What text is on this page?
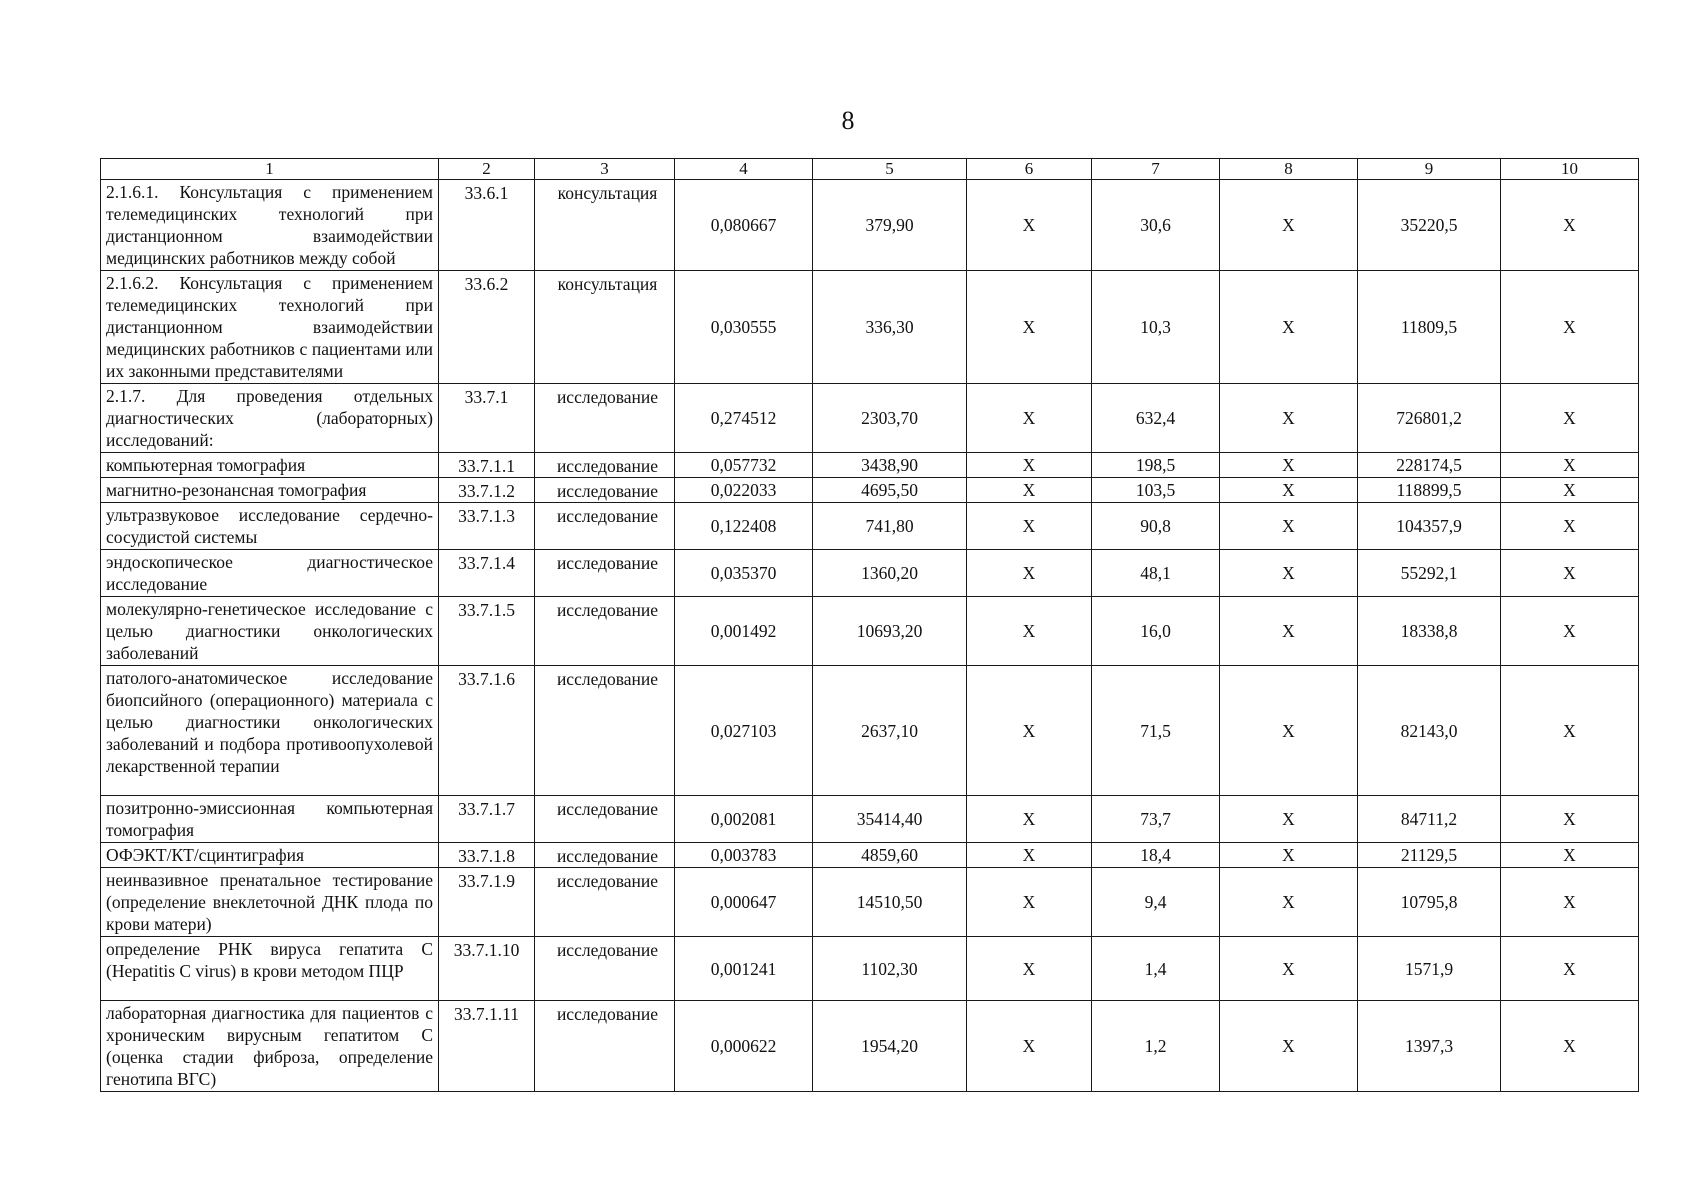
8
1	2	3	4	5	6	7	8	9	10
2.1.6.1. Консультация с применением телемедицинских технологий при дистанционном взаимодействии медицинских работников между собой	33.6.1	консультация	0,080667	379,90	X	30,6	X	35220,5	X
2.1.6.2. Консультация с применением телемедицинских технологий при дистанционном взаимодействии медицинских работников с пациентами или их законными представителями	33.6.2	консультация	0,030555	336,30	X	10,3	X	11809,5	X
2.1.7. Для проведения отдельных диагностических (лабораторных) исследований:	33.7.1	исследование	0,274512	2303,70	X	632,4	X	726801,2	X
компьютерная томография	33.7.1.1	исследование	0,057732	3438,90	X	198,5	X	228174,5	X
магнитно-резонансная томография	33.7.1.2	исследование	0,022033	4695,50	X	103,5	X	118899,5	X
ультразвуковое исследование сердечно-сосудистой системы	33.7.1.3	исследование	0,122408	741,80	X	90,8	X	104357,9	X
эндоскопическое диагностическое исследование	33.7.1.4	исследование	0,035370	1360,20	X	48,1	X	55292,1	X
молекулярно-генетическое исследование с целью диагностики онкологических заболеваний	33.7.1.5	исследование	0,001492	10693,20	X	16,0	X	18338,8	X
патолого-анатомическое исследование биопсийного (операционного) материала с целью диагностики онкологических заболеваний и подбора противоопухолевой лекарственной терапии	33.7.1.6	исследование	0,027103	2637,10	X	71,5	X	82143,0	X
позитронно-эмиссионная компьютерная томография	33.7.1.7	исследование	0,002081	35414,40	X	73,7	X	84711,2	X
ОФЭКТ/КТ/сцинтиграфия	33.7.1.8	исследование	0,003783	4859,60	X	18,4	X	21129,5	X
неинвазивное пренатальное тестирование (определение внеклеточной ДНК плода по крови матери)	33.7.1.9	исследование	0,000647	14510,50	X	9,4	X	10795,8	X
определение РНК вируса гепатита С (Hepatitis C virus) в крови методом ПЦР	33.7.1.10	исследование	0,001241	1102,30	X	1,4	X	1571,9	X
лабораторная диагностика для пациентов с хроническим вирусным гепатитом С (оценка стадии фиброза, определение генотипа ВГС)	33.7.1.11	исследование	0,000622	1954,20	X	1,2	X	1397,3	X
